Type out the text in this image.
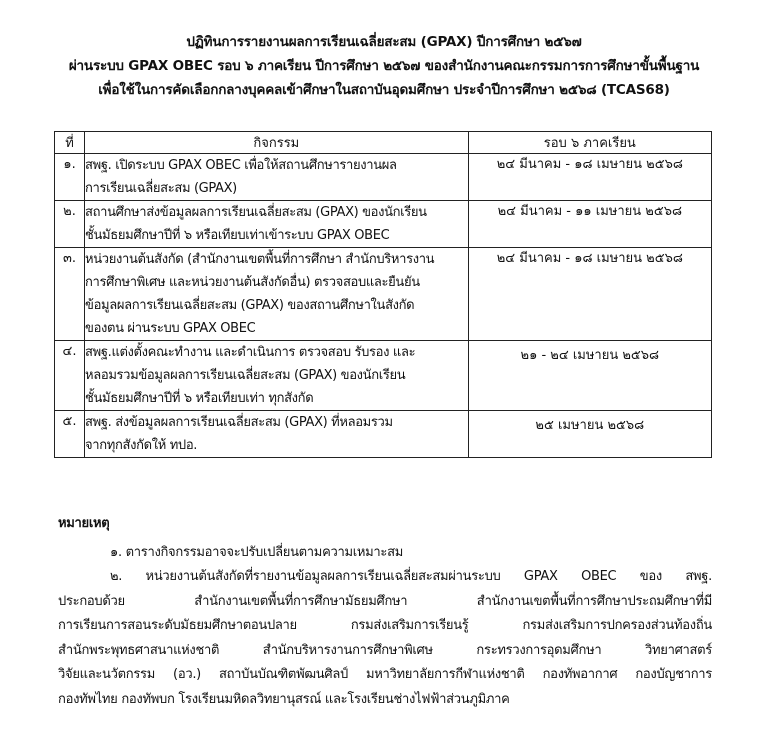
ปฏิทินการรายงานผลการเรียนเฉลี่ยสะสม (GPAX) ปีการศึกษา ๒๕๖๗
ผ่านระบบ GPAX OBEC รอบ ๖ ภาคเรียน ปีการศึกษา ๒๕๖๗ ของสำนักงานคณะกรรมการการศึกษาขั้นพื้นฐาน
เพื่อใช้ในการคัดเลือกกลางบุคคลเข้าศึกษาในสถาบันอุดมศึกษา ประจำปีการศึกษา ๒๕๖๘ (TCAS68)
ที่	กิจกรรม	รอบ ๖ ภาคเรียน
๑.	สพฐ. เปิดระบบ GPAX OBEC เพื่อให้สถานศึกษารายงานผล
การเรียนเฉลี่ยสะสม (GPAX)	๒๔ มีนาคม - ๑๘ เมษายน ๒๕๖๘
๒.	สถานศึกษาส่งข้อมูลผลการเรียนเฉลี่ยสะสม (GPAX) ของนักเรียน
ชั้นมัธยมศึกษาปีที่ ๖ หรือเทียบเท่าเข้าระบบ GPAX OBEC	๒๔ มีนาคม - ๑๑ เมษายน ๒๕๖๘
๓.	หน่วยงานต้นสังกัด (สำนักงานเขตพื้นที่การศึกษา สำนักบริหารงาน
การศึกษาพิเศษ และหน่วยงานต้นสังกัดอื่น) ตรวจสอบและยืนยัน
ข้อมูลผลการเรียนเฉลี่ยสะสม (GPAX) ของสถานศึกษาในสังกัด
ของตน ผ่านระบบ GPAX OBEC	๒๔ มีนาคม - ๑๘ เมษายน ๒๕๖๘
๔.	สพฐ.แต่งตั้งคณะทำงาน และดำเนินการ ตรวจสอบ รับรอง และ
หลอมรวมข้อมูลผลการเรียนเฉลี่ยสะสม (GPAX) ของนักเรียน
ชั้นมัธยมศึกษาปีที่ ๖ หรือเทียบเท่า ทุกสังกัด	๒๑ - ๒๔ เมษายน ๒๕๖๘
๕.	สพฐ. ส่งข้อมูลผลการเรียนเฉลี่ยสะสม (GPAX) ที่หลอมรวม
จากทุกสังกัดให้ ทปอ.	๒๕ เมษายน ๒๕๖๘
หมายเหตุ
๑. ตารางกิจกรรมอาจจะปรับเปลี่ยนตามความเหมาะสม
๒. หน่วยงานต้นสังกัดที่รายงานข้อมูลผลการเรียนเฉลี่ยสะสมผ่านระบบ GPAX OBEC ของ สพฐ.
ประกอบด้วย สำนักงานเขตพื้นที่การศึกษามัธยมศึกษา สำนักงานเขตพื้นที่การศึกษาประถมศึกษาที่มี
การเรียนการสอนระดับมัธยมศึกษาตอนปลาย กรมส่งเสริมการเรียนรู้ กรมส่งเสริมการปกครองส่วนท้องถิ่น
สำนักพระพุทธศาสนาแห่งชาติ สำนักบริหารงานการศึกษาพิเศษ กระทรวงการอุดมศึกษา วิทยาศาสตร์
วิจัยและนวัตกรรม (อว.) สถาบันบัณฑิตพัฒนศิลป์ มหาวิทยาลัยการกีฬาแห่งชาติ กองทัพอากาศ กองบัญชาการ
กองทัพไทย กองทัพบก โรงเรียนมหิดลวิทยานุสรณ์ และโรงเรียนช่างไฟฟ้าส่วนภูมิภาค
